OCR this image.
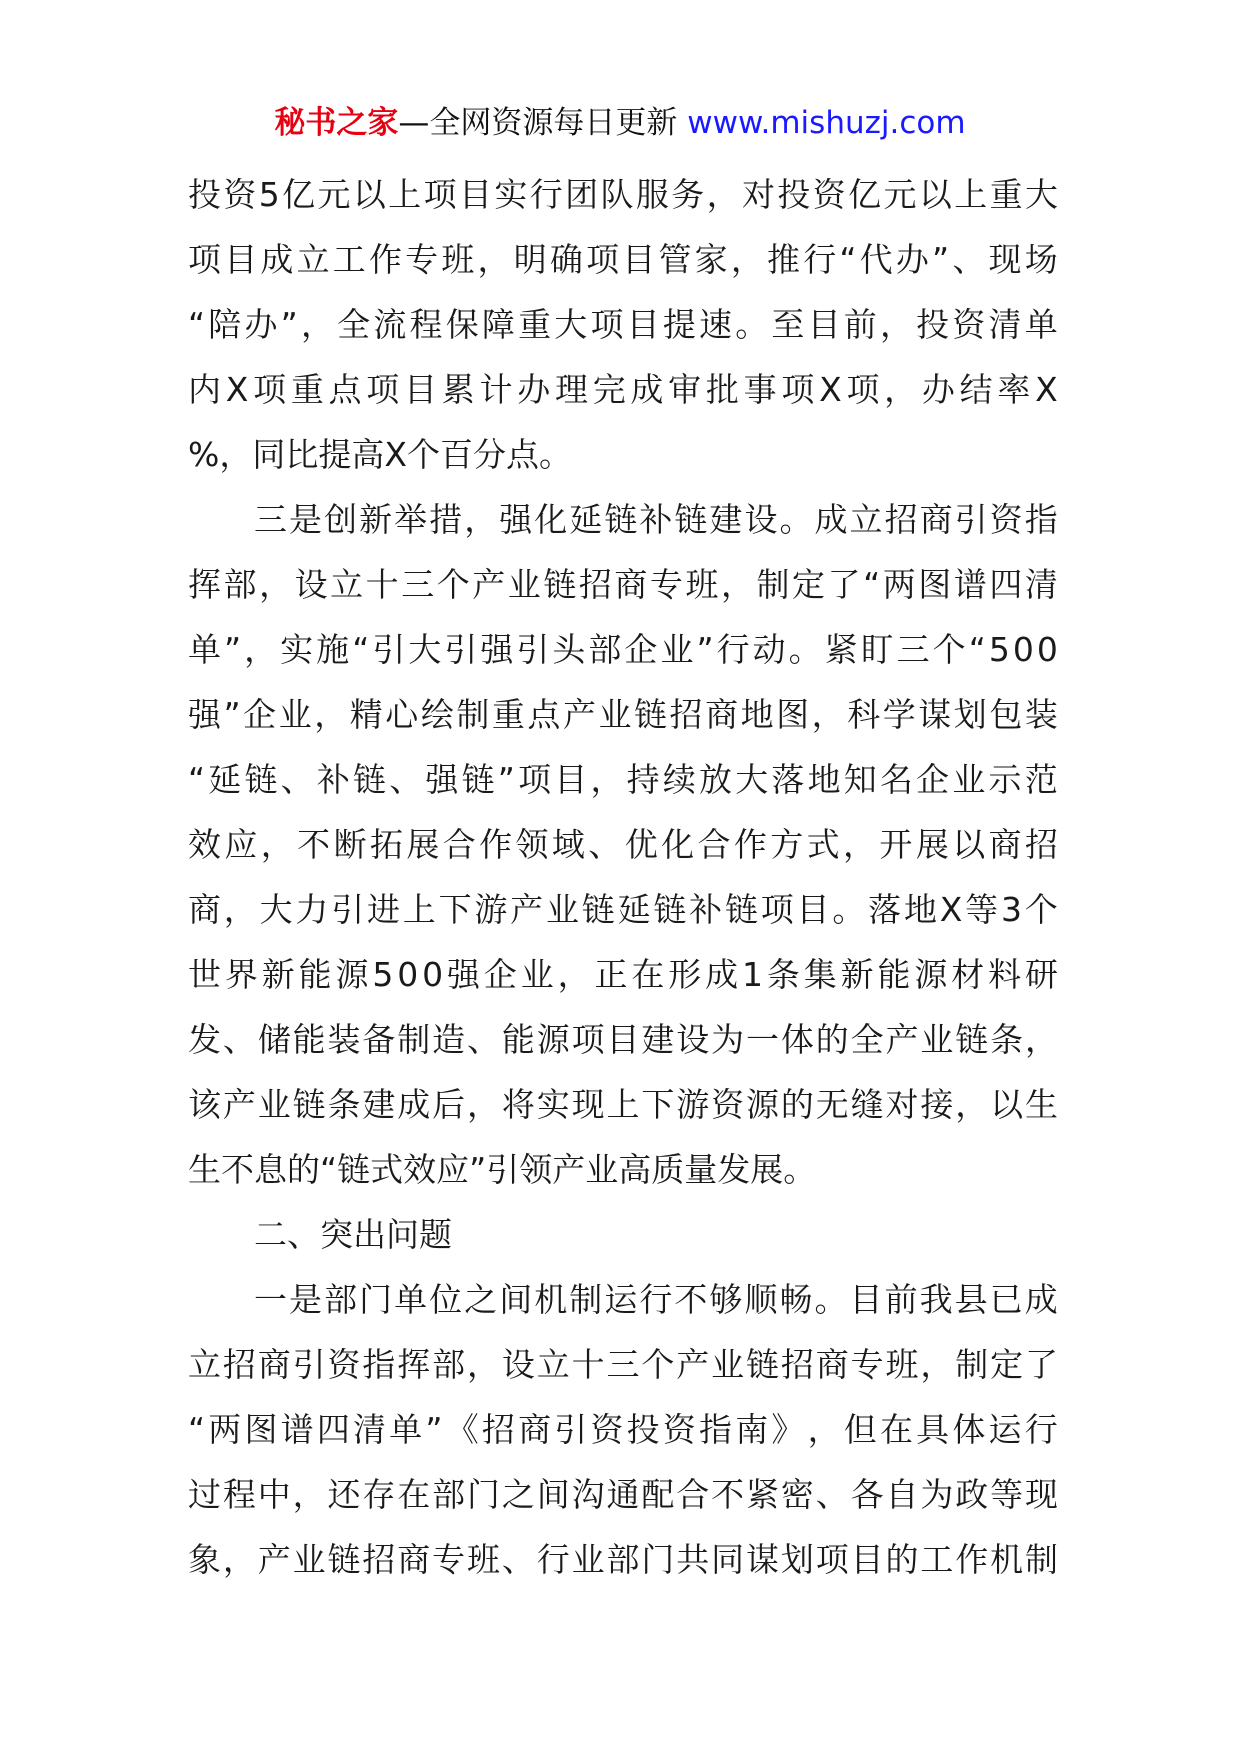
秘书之家—全网资源每日更新 www.mishuzj.com
投 资 5 亿 元 以 上 项 目 实 行 团 队 服 务 ， 对 投 资 亿 元 以 上 重 大
项 目 成 立 工 作 专 班 ， 明 确 项 目 管 家 ， 推 行 “ 代 办 ” 、 现 场
“ 陪 办 ” ， 全 流 程 保 障 重 大 项 目 提 速 。 至 目 前 ， 投 资 清 单
内 X 项 重 点 项 目 累 计 办 理 完 成 审 批 事 项 X 项 ， 办 结 率 X
%，同比提高X个百分点。
三 是 创 新 举 措 ， 强 化 延 链 补 链 建 设 。 成 立 招 商 引 资 指
挥 部 ， 设 立 十 三 个 产 业 链 招 商 专 班 ， 制 定 了 “ 两 图 谱 四 清
单 ” ， 实 施 “ 引 大 引 强 引 头 部 企 业 ” 行 动 。 紧 盯 三 个 “ 5 0 0
强 ” 企 业 ， 精 心 绘 制 重 点 产 业 链 招 商 地 图 ， 科 学 谋 划 包 装
“ 延 链 、 补 链 、 强 链 ” 项 目 ， 持 续 放 大 落 地 知 名 企 业 示 范
效 应 ， 不 断 拓 展 合 作 领 域 、 优 化 合 作 方 式 ， 开 展 以 商 招
商 ， 大 力 引 进 上 下 游 产 业 链 延 链 补 链 项 目 。 落 地 X 等 3 个
世 界 新 能 源 5 0 0 强 企 业 ， 正 在 形 成 1 条 集 新 能 源 材 料 研
发 、 储 能 装 备 制 造 、 能 源 项 目 建 设 为 一 体 的 全 产 业 链 条 ，
该 产 业 链 条 建 成 后 ， 将 实 现 上 下 游 资 源 的 无 缝 对 接 ， 以 生
生不息的“链式效应”引领产业高质量发展。
二、突出问题
一 是 部 门 单 位 之 间 机 制 运 行 不 够 顺 畅 。 目 前 我 县 已 成
立 招 商 引 资 指 挥 部 ， 设 立 十 三 个 产 业 链 招 商 专 班 ， 制 定 了
“ 两 图 谱 四 清 单 ” 《 招 商 引 资 投 资 指 南 》 ， 但 在 具 体 运 行
过 程 中 ， 还 存 在 部 门 之 间 沟 通 配 合 不 紧 密 、 各 自 为 政 等 现
象 ， 产 业 链 招 商 专 班 、 行 业 部 门 共 同 谋 划 项 目 的 工 作 机 制
